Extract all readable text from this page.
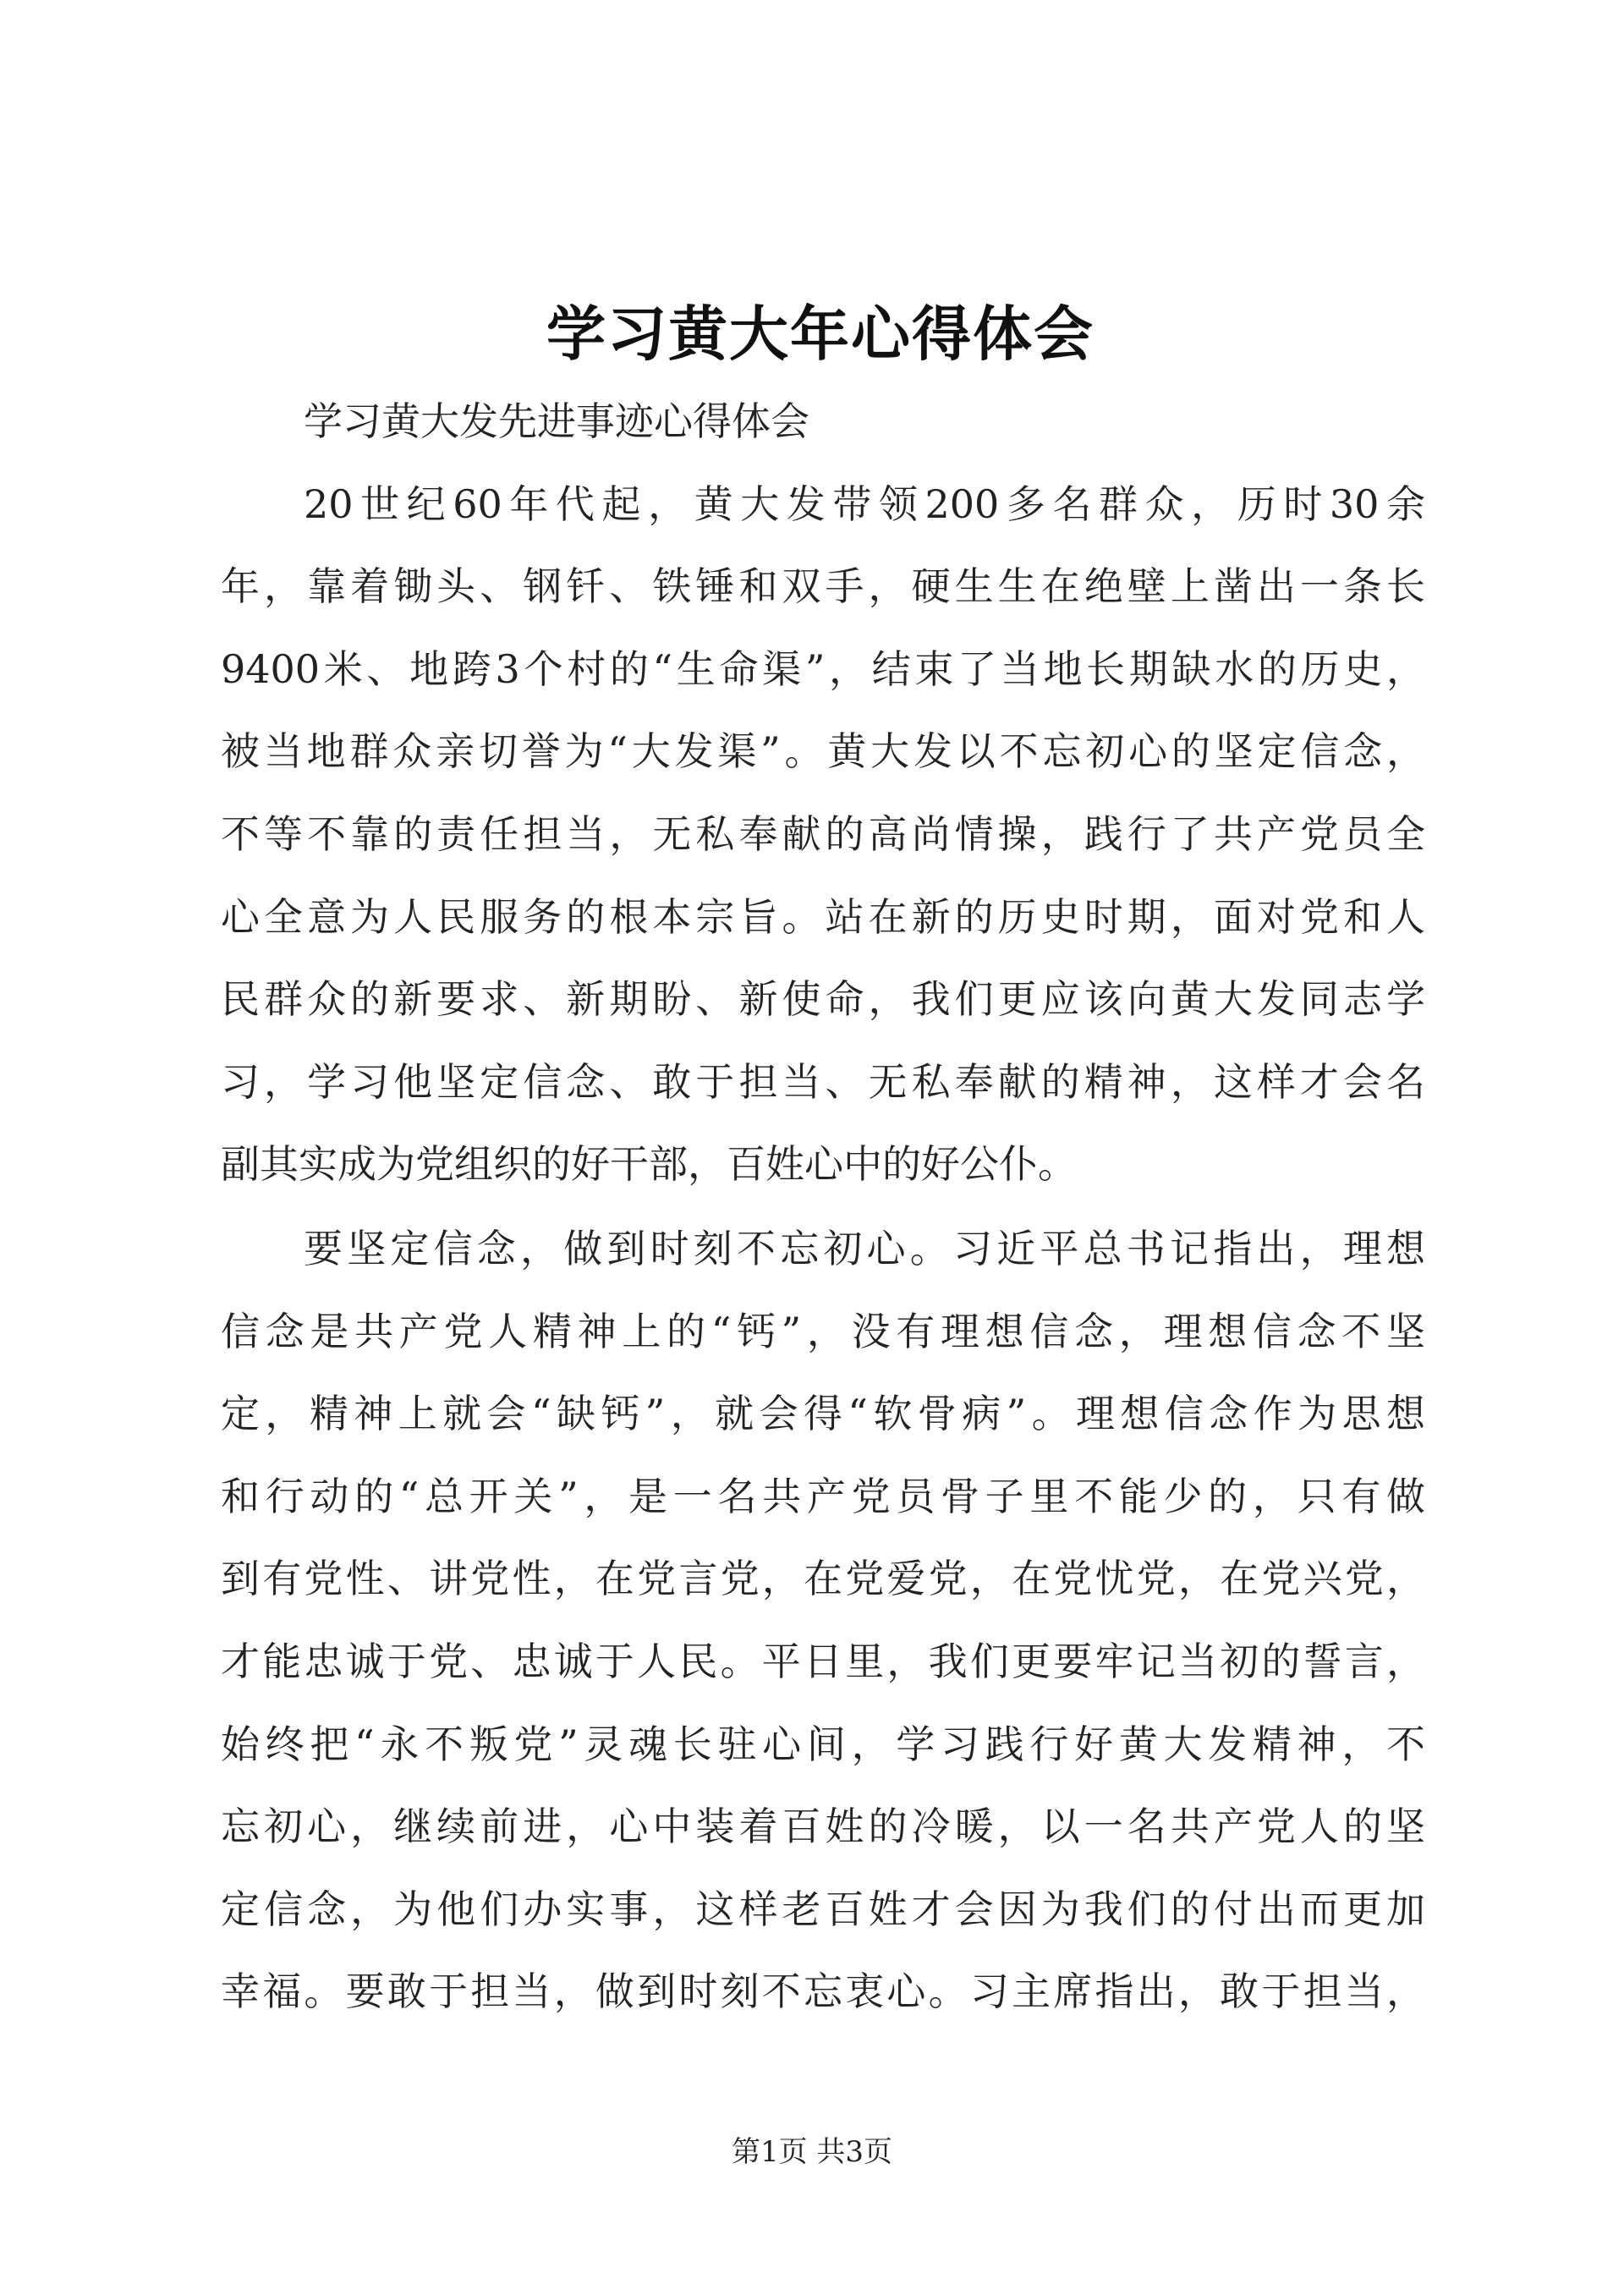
学习黄大年心得体会
学习黄大发先进事迹心得体会
20世纪60年代起，黄大发带领200多名群众，历时30余
年，靠着锄头、钢钎、铁锤和双手，硬生生在绝壁上凿出一条长
9400米、地跨3个村的“生命渠”，结束了当地长期缺水的历史，
被当地群众亲切誉为“大发渠”。黄大发以不忘初心的坚定信念，
不等不靠的责任担当，无私奉献的高尚情操，践行了共产党员全
心全意为人民服务的根本宗旨。站在新的历史时期，面对党和人
民群众的新要求、新期盼、新使命，我们更应该向黄大发同志学
习，学习他坚定信念、敢于担当、无私奉献的精神，这样才会名
副其实成为党组织的好干部，百姓心中的好公仆。
要坚定信念，做到时刻不忘初心。习近平总书记指出，理想
信念是共产党人精神上的“钙”，没有理想信念，理想信念不坚
定，精神上就会“缺钙”，就会得“软骨病”。理想信念作为思想
和行动的“总开关”，是一名共产党员骨子里不能少的，只有做
到有党性、讲党性，在党言党，在党爱党，在党忧党，在党兴党，
才能忠诚于党、忠诚于人民。平日里，我们更要牢记当初的誓言，
始终把“永不叛党”灵魂长驻心间，学习践行好黄大发精神，不
忘初心，继续前进，心中装着百姓的冷暖，以一名共产党人的坚
定信念，为他们办实事，这样老百姓才会因为我们的付出而更加
幸福。要敢于担当，做到时刻不忘衷心。习主席指出，敢于担当，
第1页 共3页
